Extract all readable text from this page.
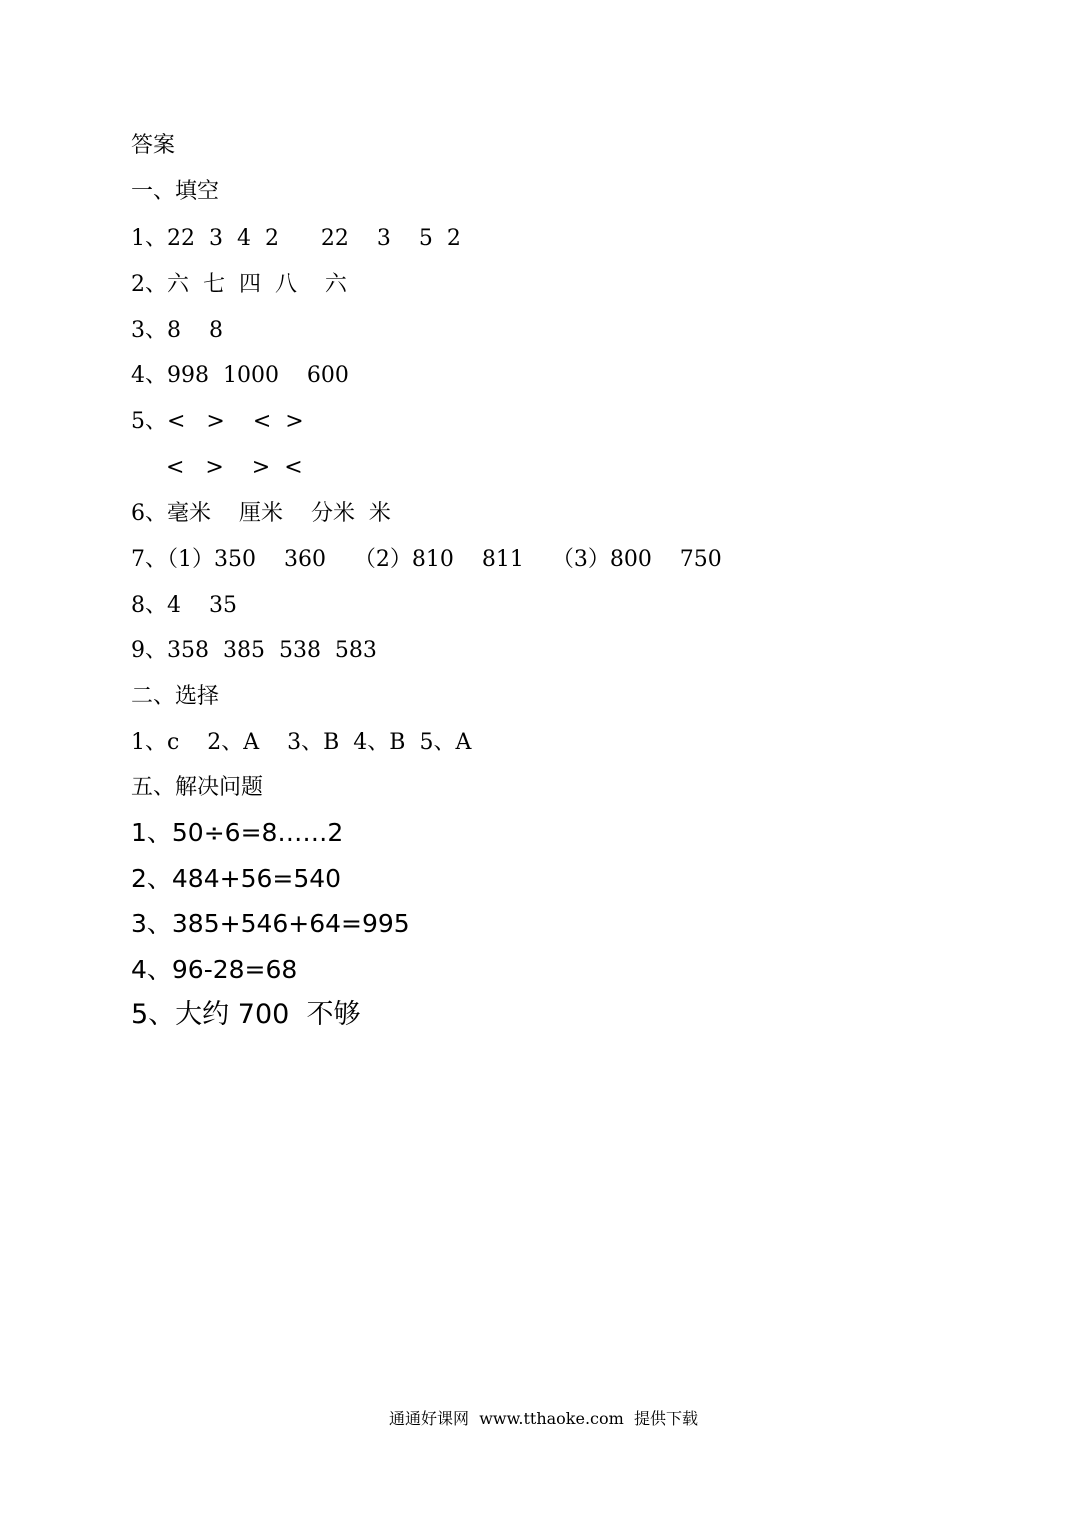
答案
一、填空
1、22  3  4  2      22    3    5  2
2、六  七  四  八    六
3、8    8
4、998  1000    600
5、<   >    <  >
<   >    >  <
6、毫米    厘米    分米  米
7、（1）350    360    （2）810    811    （3）800    750
8、4    35
9、358  385  538  583
二、选择
1、c    2、A    3、B  4、B  5、A
五、解决问题
1、50÷6=8……2
2、484+56=540
3、385+546+64=995
4、96-28=68
5、大约 700  不够
通通好课网 www.tthaoke.com 提供下载
